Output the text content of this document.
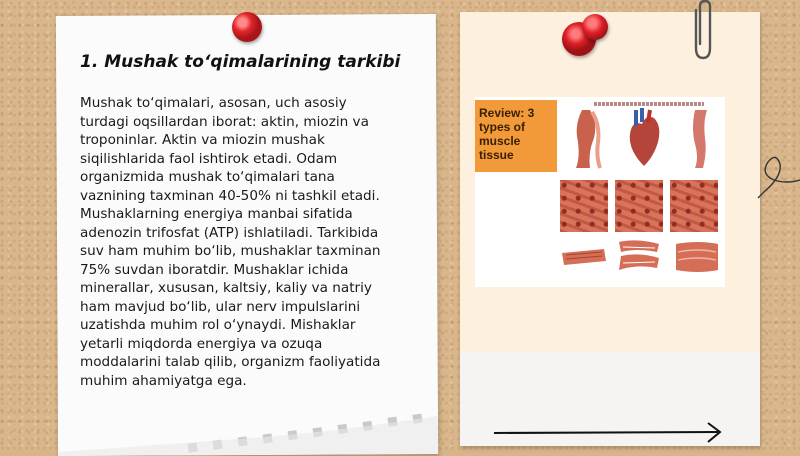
1. Mushak to‘qimalarining tarkibi
Mushak to‘qimalari, asosan, uch asosiy
turdagi oqsillardan iborat: aktin, miozin va
troponinlar. Aktin va miozin mushak
siqilishlarida faol ishtirok etadi. Odam
organizmida mushak to‘qimalari tana
vaznining taxminan 40-50% ni tashkil etadi.
Mushaklarning energiya manbai sifatida
adenozin trifosfat (ATP) ishlatiladi. Tarkibida
suv ham muhim bo‘lib, mushaklar taxminan
75% suvdan iboratdir. Mushaklar ichida
minerallar, xususan, kaltsiy, kaliy va natriy
ham mavjud bo‘lib, ular nerv impulslarini
uzatishda muhim rol o‘ynaydi. Mishaklar
yetarli miqdorda energiya va ozuqa
moddalarini talab qilib, organizm faoliyatida
muhim ahamiyatga ega.
Review: 3 types of muscle tissue
